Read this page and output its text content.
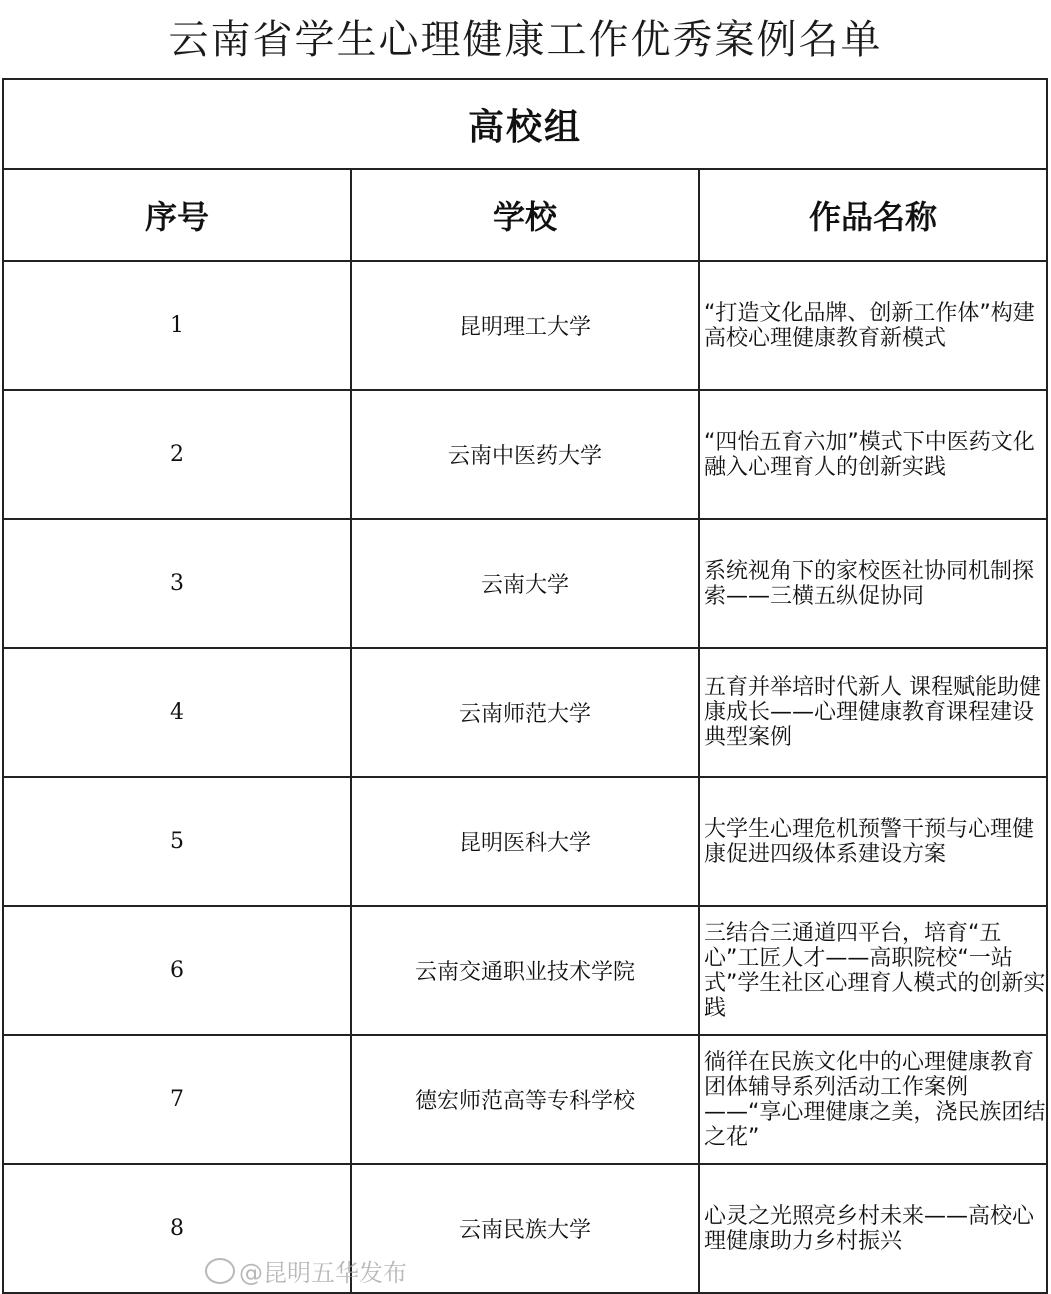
云南省学生心理健康工作优秀案例名单
高校组		
序号	学校	作品名称
1	昆明理工大学	“打造文化品牌、创新工作体”构建高校心理健康教育新模式
2	云南中医药大学	“四怡五育六加”模式下中医药文化融入心理育人的创新实践
3	云南大学	系统视角下的家校医社协同机制探索——三横五纵促协同
4	云南师范大学	五育并举培时代新人 课程赋能助健康成长——心理健康教育课程建设典型案例
5	昆明医科大学	大学生心理危机预警干预与心理健康促进四级体系建设方案
6	云南交通职业技术学院	三结合三通道四平台，培育“五心”工匠人才——高职院校“一站式”学生社区心理育人模式的创新实践
7	德宏师范高等专科学校	徜徉在民族文化中的心理健康教育团体辅导系列活动工作案例 ——“享心理健康之美，浇民族团结之花”
8	云南民族大学	心灵之光照亮乡村未来——高校心理健康助力乡村振兴
@昆明五华发布
